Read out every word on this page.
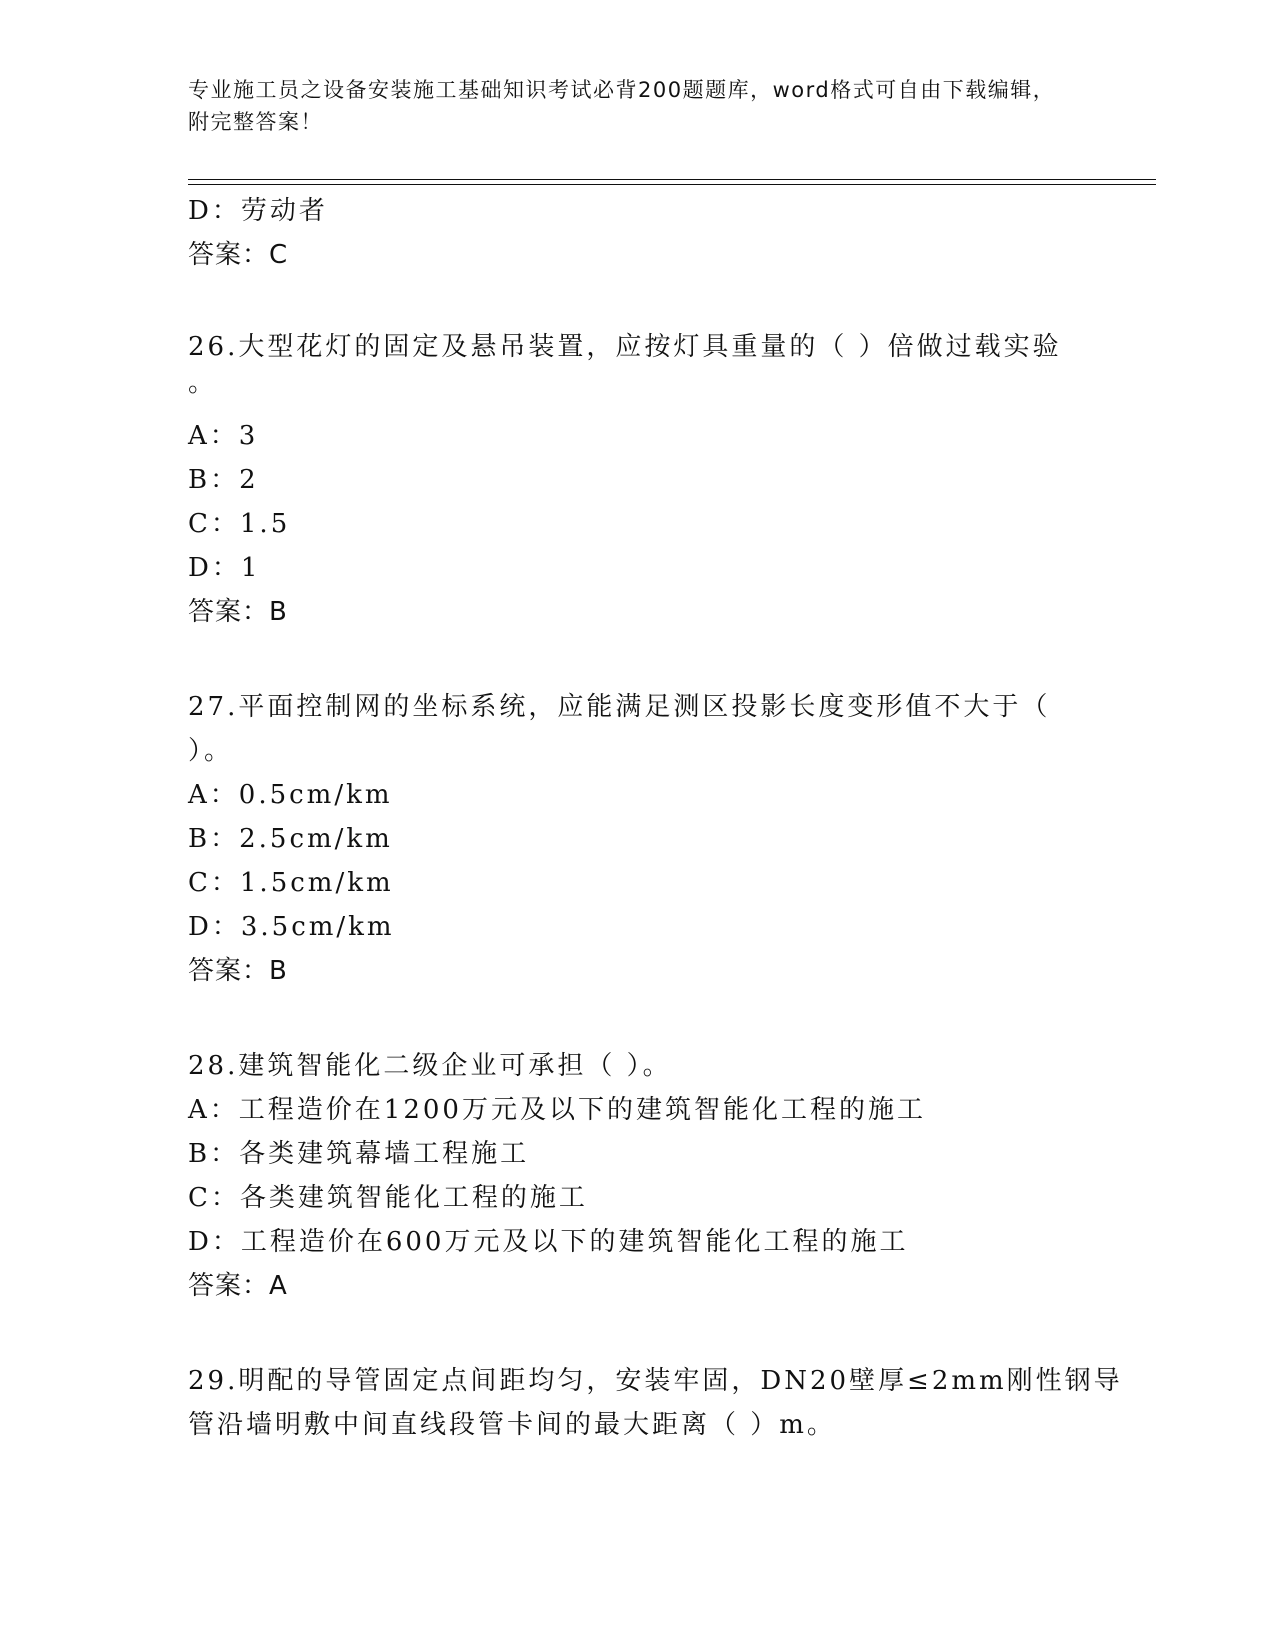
专业施工员之设备安装施工基础知识考试必背200题题库，word格式可自由下载编辑，附完整答案！
D：劳动者
答案：C
26.大型花灯的固定及悬吊装置，应按灯具重量的（ ）倍做过载实验
。
A：3
B：2
C：1.5
D：1
答案：B
27.平面控制网的坐标系统，应能满足测区投影长度变形值不大于（
）。
A：0.5cm/km
B：2.5cm/km
C：1.5cm/km
D：3.5cm/km
答案：B
28.建筑智能化二级企业可承担（ ）。
A：工程造价在1200万元及以下的建筑智能化工程的施工
B：各类建筑幕墙工程施工
C：各类建筑智能化工程的施工
D：工程造价在600万元及以下的建筑智能化工程的施工
答案：A
29.明配的导管固定点间距均匀，安装牢固，DN20壁厚≤2mm刚性钢导
管沿墙明敷中间直线段管卡间的最大距离（ ）m。
